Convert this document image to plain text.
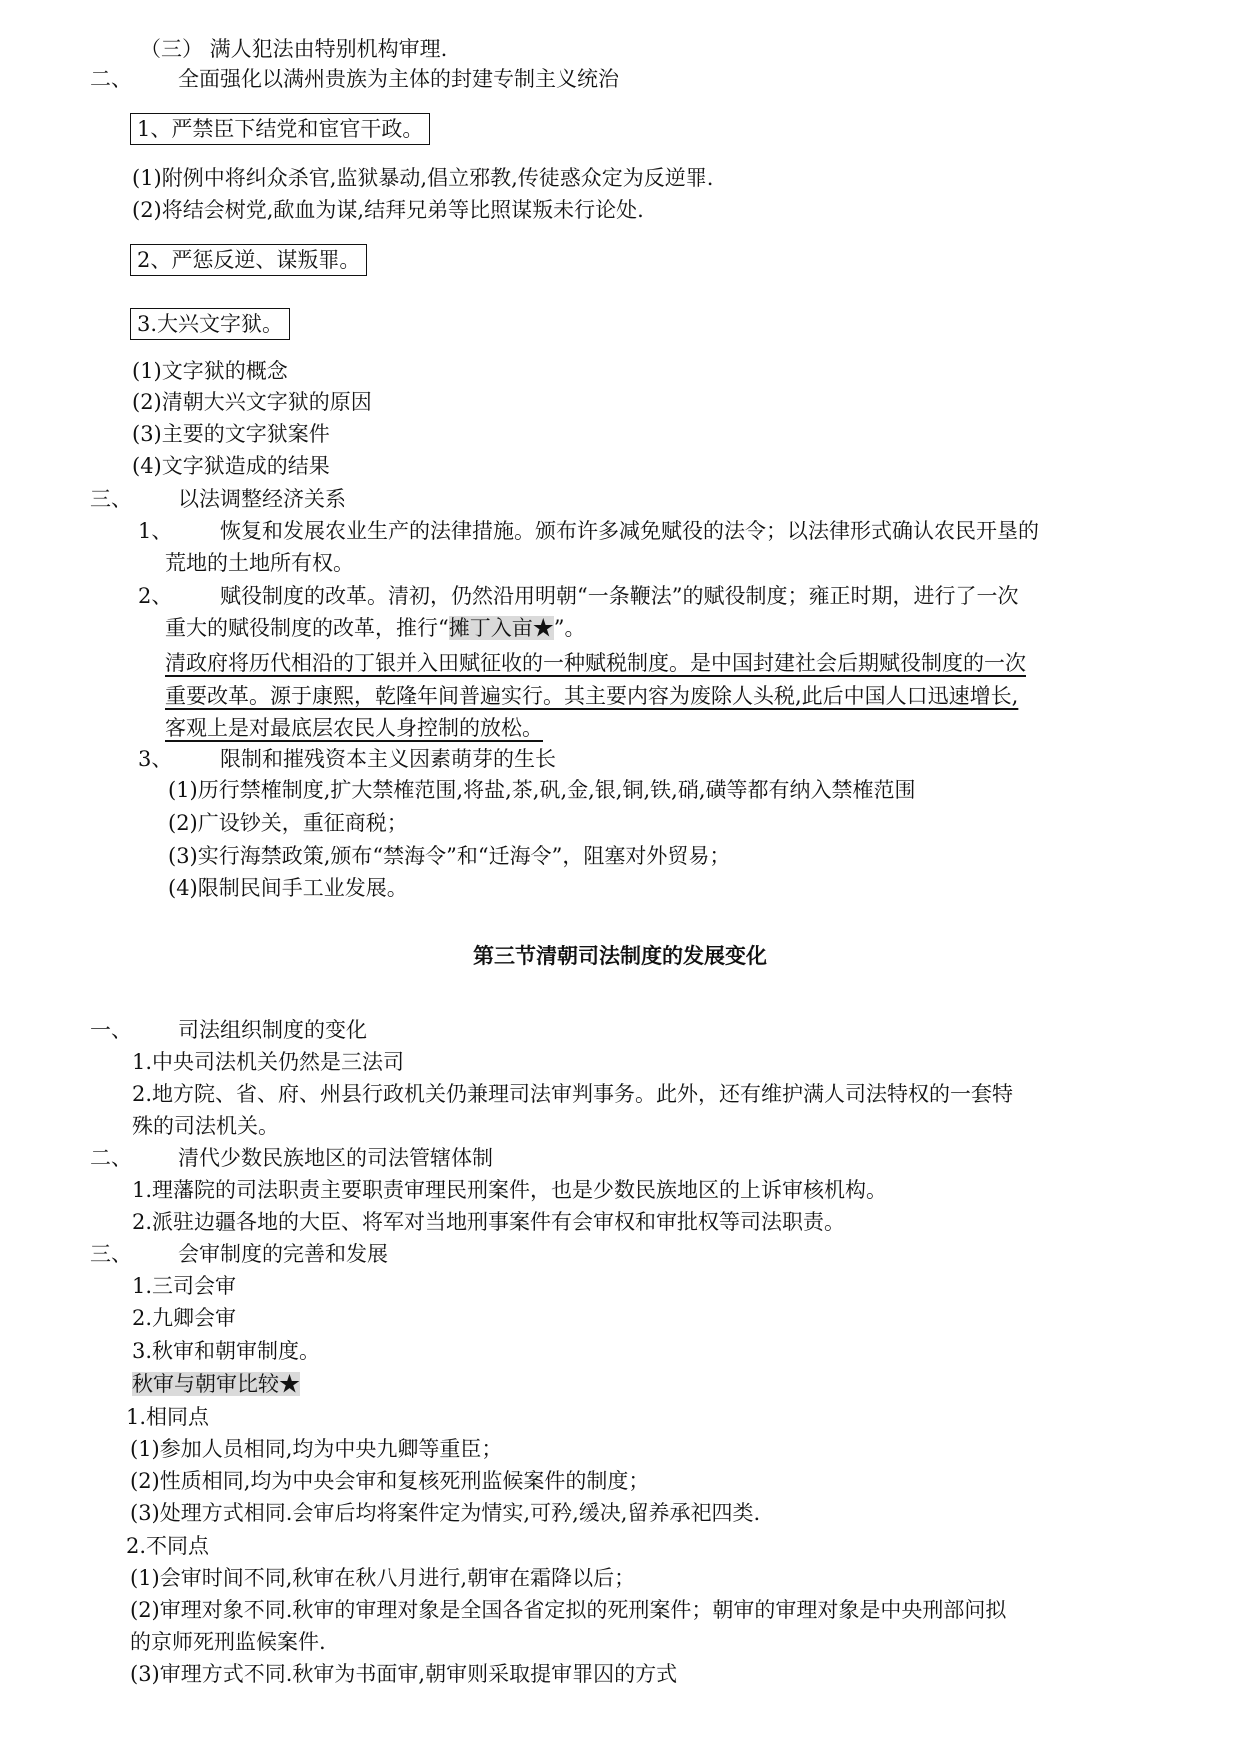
（三） 满人犯法由特别机构审理.
二、 全面强化以满州贵族为主体的封建专制主义统治
1、严禁臣下结党和宦官干政。
(1)附例中将纠众杀官,监狱暴动,倡立邪教,传徒惑众定为反逆罪.
(2)将结会树党,歃血为谋,结拜兄弟等比照谋叛未行论处.
2、严惩反逆、谋叛罪。
3.大兴文字狱。
(1)文字狱的概念
(2)清朝大兴文字狱的原因
(3)主要的文字狱案件
(4)文字狱造成的结果
三、 以法调整经济关系
1、 恢复和发展农业生产的法律措施。颁布许多减免赋役的法令；以法律形式确认农民开垦的
荒地的土地所有权。
2、 赋役制度的改革。清初，仍然沿用明朝“一条鞭法”的赋役制度；雍正时期，进行了一次
重大的赋役制度的改革，推行“摊丁入亩★”。
清政府将历代相沿的丁银并入田赋征收的一种赋税制度。是中国封建社会后期赋役制度的一次
重要改革。源于康熙，乾隆年间普遍实行。其主要内容为废除人头税,此后中国人口迅速增长,
客观上是对最底层农民人身控制的放松。
3、 限制和摧残资本主义因素萌芽的生长
(1)历行禁榷制度,扩大禁榷范围,将盐,茶,矾,金,银,铜,铁,硝,磺等都有纳入禁榷范围
(2)广设钞关，重征商税；
(3)实行海禁政策,颁布“禁海令”和“迁海令”，阻塞对外贸易；
(4)限制民间手工业发展。
第三节清朝司法制度的发展变化
一、 司法组织制度的变化
1.中央司法机关仍然是三法司
2.地方院、省、府、州县行政机关仍兼理司法审判事务。此外，还有维护满人司法特权的一套特
殊的司法机关。
二、 清代少数民族地区的司法管辖体制
1.理藩院的司法职责主要职责审理民刑案件，也是少数民族地区的上诉审核机构。
2.派驻边疆各地的大臣、将军对当地刑事案件有会审权和审批权等司法职责。
三、 会审制度的完善和发展
1.三司会审
2.九卿会审
3.秋审和朝审制度。
秋审与朝审比较★
1.相同点
(1)参加人员相同,均为中央九卿等重臣；
(2)性质相同,均为中央会审和复核死刑监候案件的制度；
(3)处理方式相同.会审后均将案件定为情实,可矜,缓决,留养承祀四类.
2.不同点
(1)会审时间不同,秋审在秋八月进行,朝审在霜降以后；
(2)审理对象不同.秋审的审理对象是全国各省定拟的死刑案件；朝审的审理对象是中央刑部问拟
的京师死刑监候案件.
(3)审理方式不同.秋审为书面审,朝审则采取提审罪囚的方式
